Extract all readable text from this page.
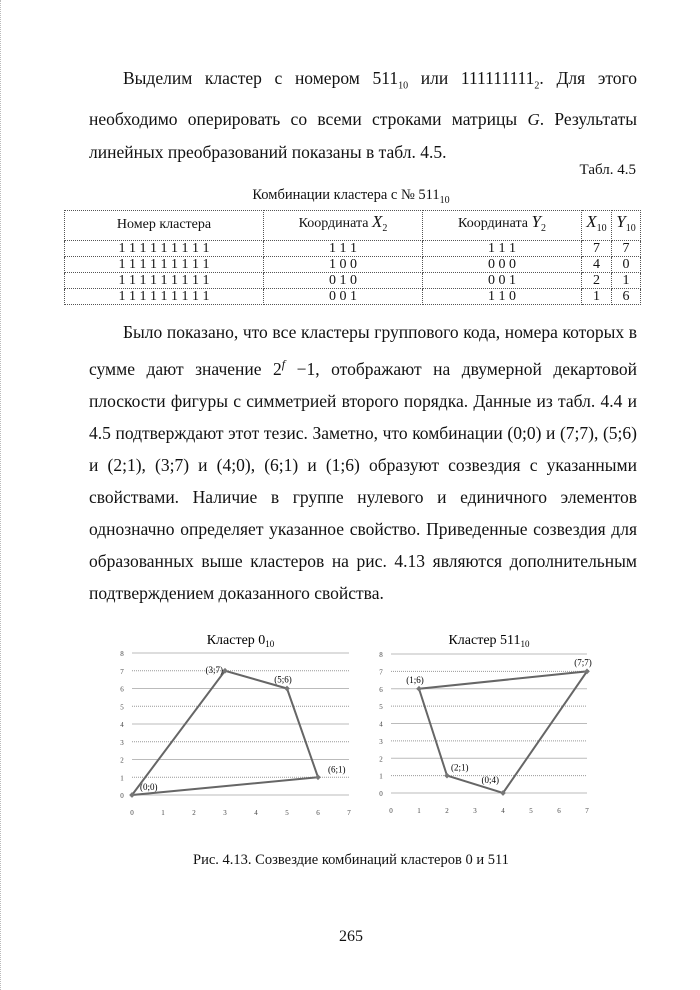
Выделим кластер с номером $511_{10}$ или $111111111_2$. Для этого необходимо оперировать со всеми строками матрицы G. Результаты линейных преобразований показаны в табл. 4.5.
Табл. 4.5
Комбинации кластера с № $511_{10}$
Номер кластера	Координата $X_2$	Координата $Y_2$	$X_{10}$	$Y_{10}$
1 1 1 1 1 1 1 1 1	1 1 1	1 1 1	7	7
1 1 1 1 1 1 1 1 1	1 0 0	0 0 0	4	0
1 1 1 1 1 1 1 1 1	0 1 0	0 0 1	2	1
1 1 1 1 1 1 1 1 1	0 0 1	1 1 0	1	6
Было показано, что все кластеры группового кода, номера которых в сумме дают значение $2^f -1$, отображают на двумерной декартовой плоскости фигуры с симметрией второго порядка. Данные из табл. 4.4 и 4.5 подтверждают этот тезис. Заметно, что комбинации (0;0) и (7;7), (5;6) и (2;1), (3;7) и (4;0), (6;1) и (1;6) образуют созвездия с указанными свойствами. Наличие в группе нулевого и единичного элементов однозначно определяет указанное свойство. Приведенные созвездия для образованных выше кластеров на рис. 4.13 являются дополнительным подтверждением доказанного свойства.
Кластер $0_{10}$
0
1
2
3
4
5
6
7
8
0	1	2	3	4	5	6	7
(0;0)
(3;7)
(5;6)
(6;1)
Кластер $511_{10}$
0
1
2
3
4
5
6
7
8
0	1	2	3	4	5	6	7
(1;6)
(7;7)
(0;4)
(2;1)
Рис. 4.13. Созвездие комбинаций кластеров 0 и 511
265
